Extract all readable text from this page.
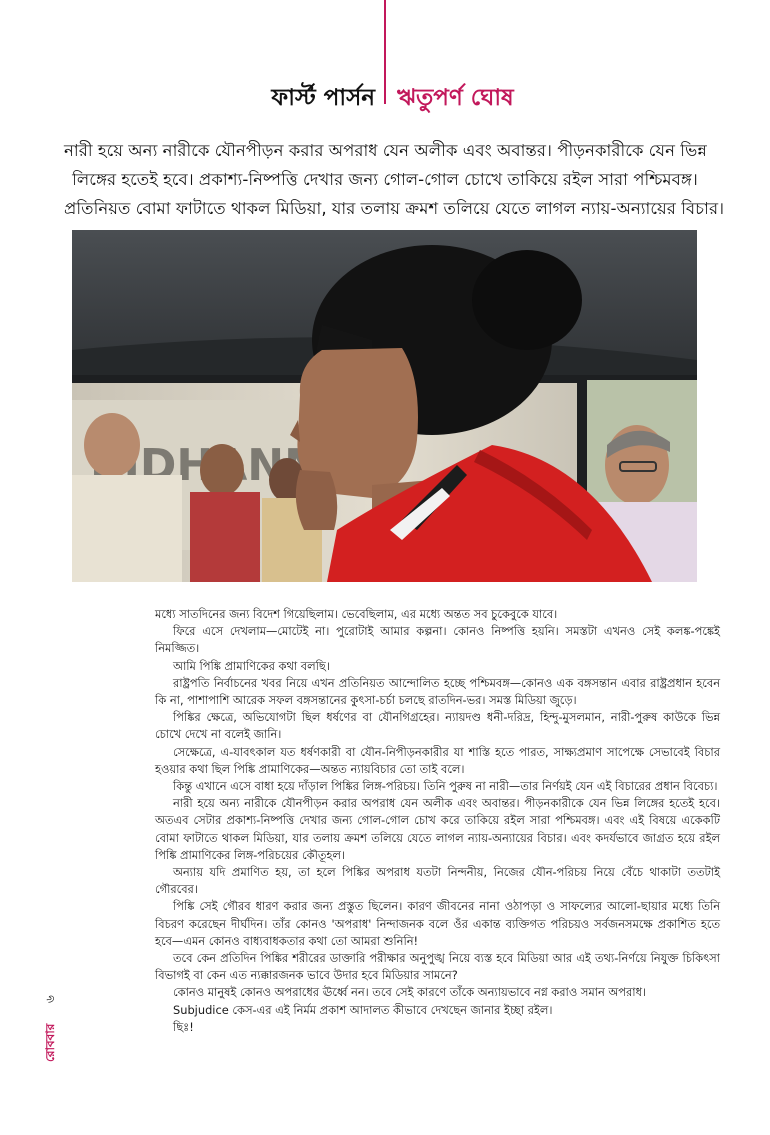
ফার্স্ট পার্সন ঋতুপর্ণ ঘোষ

নারী হয়ে অন্য নারীকে যৌনপীড়ন করার অপরাধ যেন অলীক এবং অবান্তর। পীড়নকারীকে যেন ভিন্ন

লিঙ্গের হতেই হবে। প্রকাশ্য-নিষ্পত্তি দেখার জন্য গোল-গোল চোখে তাকিয়ে রইল সারা পশ্চিমবঙ্গ।

প্রতিনিয়ত বোমা ফাটাতে থাকল মিডিয়া, যার তলায় ক্রমশ তলিয়ে যেতে লাগল ন্যায়-অন্যায়ের বিচার।

মধ্যে সাতদিনের জন্য বিদেশ গিয়েছিলাম। ভেবেছিলাম, এর মধ্যে অন্তত সব চুকেবুকে যাবে।

ফিরে এসে দেখলাম—মোটেই না। পুরোটাই আমার কল্পনা। কোনও নিষ্পত্তি হয়নি। সমস্তটা এখনও সেই কলঙ্ক-পঙ্কেই নিমজ্জিত।

আমি পিঙ্কি প্রামাণিকের কথা বলছি।

রাষ্ট্রপতি নির্বাচনের খবর নিয়ে এখন প্রতিনিয়ত আন্দোলিত হচ্ছে পশ্চিমবঙ্গ—কোনও এক বঙ্গসন্তান এবার রাষ্ট্রপ্রধান হবেন কি না, পাশাপাশি আরেক সফল বঙ্গসন্তানের কুৎসা-চর্চা চলছে রাতদিন-ভর। সমস্ত মিডিয়া জুড়ে।

পিঙ্কির ক্ষেত্রে, অভিযোগটা ছিল ধর্ষণের বা যৌনগিগ্রহের। ন্যায়দণ্ড ধনী-দরিদ্র, হিন্দু-মুসলমান, নারী-পুরুষ কাউকে ভিন্ন চোখে দেখে না বলেই জানি।

সেক্ষেত্রে, এ-যাবৎকাল যত ধর্ষণকারী বা যৌন-নিপীড়নকারীর যা শাস্তি হতে পারত, সাক্ষ্যপ্রমাণ সাপেক্ষে সেভাবেই বিচার হওয়ার কথা ছিল পিঙ্কি প্রামাণিকের—অন্তত ন্যায়বিচার তো তাই বলে।

কিন্তু এখানে এসে বাধা হয়ে দাঁড়াল পিঙ্কির লিঙ্গ-পরিচয়। তিনি পুরুষ না নারী—তার নির্ণয়ই যেন এই বিচারের প্রধান বিবেচ্য।

নারী হয়ে অন্য নারীকে যৌনপীড়ন করার অপরাধ যেন অলীক এবং অবান্তর। পীড়নকারীকে যেন ভিন্ন লিঙ্গের হতেই হবে। অতএব সেটার প্রকাশ্য-নিষ্পত্তি দেখার জন্য গোল-গোল চোখ করে তাকিয়ে রইল সারা পশ্চিমবঙ্গ। এবং এই বিষয়ে একেকটি বোমা ফাটাতে থাকল মিডিয়া, যার তলায় ক্রমশ তলিয়ে যেতে লাগল ন্যায়-অন্যায়ের বিচার। এবং কদর্যভাবে জাগ্রত হয়ে রইল পিঙ্কি প্রামাণিকের লিঙ্গ-পরিচয়ের কৌতূহল।

অন্যায় যদি প্রমাণিত হয়, তা হলে পিঙ্কির অপরাধ যতটা নিন্দনীয়, নিজের যৌন-পরিচয় নিয়ে বেঁচে থাকাটা ততটাই গৌরবের।

পিঙ্কি সেই গৌরব ধারণ করার জন্য প্রস্তুত ছিলেন। কারণ জীবনের নানা ওঠাপড়া ও সাফল্যের আলো-ছায়ার মধ্যে তিনি বিচরণ করেছেন দীর্ঘদিন। তাঁর কোনও 'অপরাধ' নিন্দাজনক বলে ওঁর একান্ত ব্যক্তিগত পরিচয়ও সর্বজনসমক্ষে প্রকাশিত হতে হবে—এমন কোনও বাধ্যবাধকতার কথা তো আমরা শুনিনি!

তবে কেন প্রতিদিন পিঙ্কির শরীরের ডাক্তারি পরীক্ষার অনুপুঙ্খ নিয়ে ব্যস্ত হবে মিডিয়া আর এই তথ্য-নির্ণয়ে নিযুক্ত চিকিৎসা বিভাগই বা কেন এত ন্যক্কারজনক ভাবে উদার হবে মিডিয়ার সামনে?

কোনও মানুষই কোনও অপরাধের ঊর্ধ্বে নন। তবে সেই কারণে তাঁকে অন্যায়ভাবে নগ্ন করাও সমান অপরাধ।

Subjudice কেস-এর এই নির্মম প্রকাশ আদালত কীভাবে দেখছেন জানার ইচ্ছা রইল।

ছিঃ!

৬
রোববার
